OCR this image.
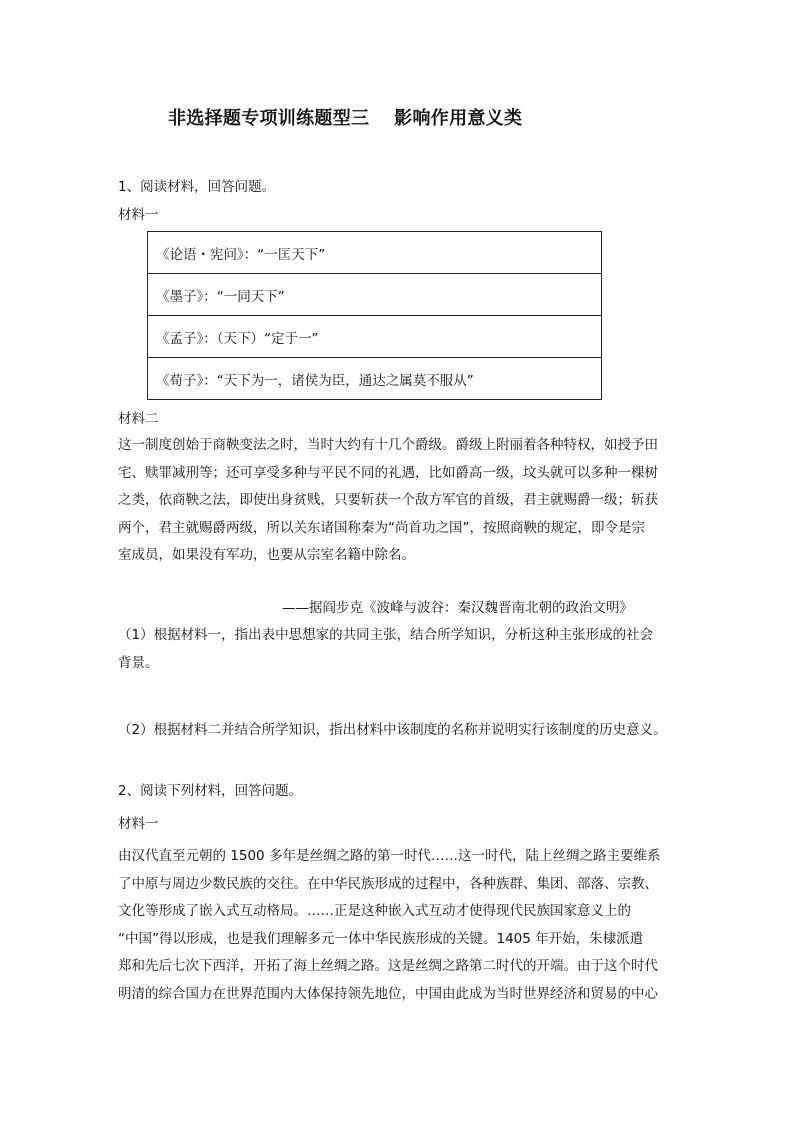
非选择题专项训练题型三　 影响作用意义类
1、阅读材料，回答问题。
材料一
《论语・宪问》：“一匡天下”
《墨子》：“一同天下”
《孟子》：（天下）“定于一”
《荀子》：“天下为一，诸侯为臣，通达之属莫不服从”
材料二
这一制度创始于商鞅变法之时，当时大约有十几个爵级。爵级上附丽着各种特权，如授予田
宅、赎罪减刑等；还可享受多种与平民不同的礼遇，比如爵高一级，坟头就可以多种一棵树
之类，依商鞅之法，即使出身贫贱，只要斩获一个敌方军官的首级，君主就赐爵一级；斩获
两个，君主就赐爵两级，所以关东诸国称秦为“尚首功之国”，按照商鞅的规定，即令是宗
室成员，如果没有军功，也要从宗室名籍中除名。
——据阎步克《波峰与波谷：秦汉魏晋南北朝的政治文明》
（1）根据材料一，指出表中思想家的共同主张，结合所学知识，分析这种主张形成的社会
背景。
（2）根据材料二并结合所学知识，指出材料中该制度的名称并说明实行该制度的历史意义。
2、阅读下列材料，回答问题。
材料一
由汉代直至元朝的 1500 多年是丝绸之路的第一时代……这一时代，陆上丝绸之路主要维系
了中原与周边少数民族的交往。在中华民族形成的过程中，各种族群、集团、部落、宗教、
文化等形成了嵌入式互动格局。……正是这种嵌入式互动才使得现代民族国家意义上的
“中国”得以形成，也是我们理解多元一体中华民族形成的关键。1405 年开始，朱棣派遣
郑和先后七次下西洋，开拓了海上丝绸之路。这是丝绸之路第二时代的开端。由于这个时代
明清的综合国力在世界范围内大体保持领先地位，中国由此成为当时世界经济和贸易的中心
